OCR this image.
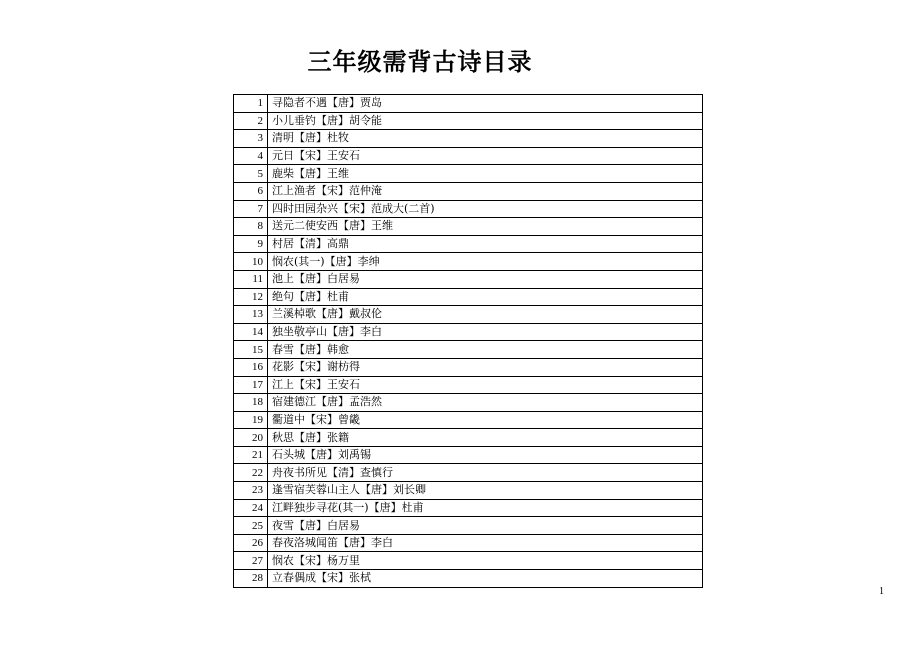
三年级需背古诗目录
1	寻隐者不遇【唐】贾岛
2	小儿垂钓【唐】胡令能
3	清明【唐】杜牧
4	元日【宋】王安石
5	鹿柴【唐】王维
6	江上渔者【宋】范仲淹
7	四时田园杂兴【宋】范成大(二首)
8	送元二使安西【唐】王维
9	村居【清】高鼎
10	悯农(其一)【唐】李绅
11	池上【唐】白居易
12	绝句【唐】杜甫
13	兰溪棹歌【唐】戴叔伦
14	独坐敬亭山【唐】李白
15	春雪【唐】韩愈
16	花影【宋】谢枋得
17	江上【宋】王安石
18	宿建德江【唐】孟浩然
19	衢道中【宋】曾畿
20	秋思【唐】张籍
21	石头城【唐】刘禹锡
22	舟夜书所见【清】查慎行
23	逢雪宿芙蓉山主人【唐】刘长卿
24	江畔独步寻花(其一)【唐】杜甫
25	夜雪【唐】白居易
26	春夜洛城闻笛【唐】李白
27	悯农【宋】杨万里
28	立春偶成【宋】张栻
1
